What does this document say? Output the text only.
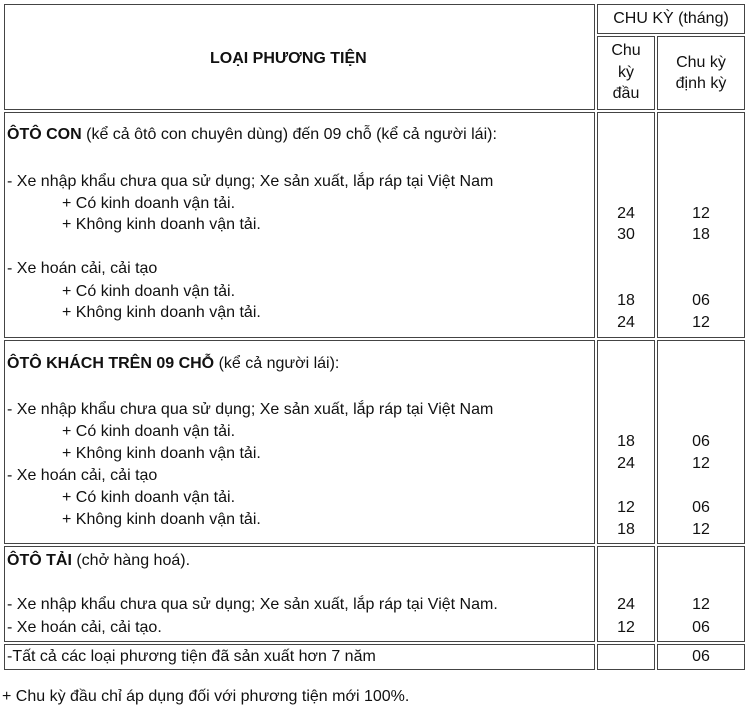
LOẠI PHƯƠNG TIỆN
CHU KỲ (tháng)
Chu
kỳ
đầu
Chu kỳ
định kỳ
ÔTÔ CON (kể cả ôtô con chuyên dùng) đến 09 chỗ (kể cả người lái):
- Xe nhập khẩu chưa qua sử dụng; Xe sản xuất, lắp ráp tại Việt Nam
+ Có kinh doanh vận tải.
+ Không kinh doanh vận tải.
24
30
12
18
- Xe hoán cải, cải tạo
+ Có kinh doanh vận tải.
+ Không kinh doanh vận tải.
18
24
06
12
ÔTÔ KHÁCH TRÊN 09 CHỖ (kể cả người lái):
- Xe nhập khẩu chưa qua sử dụng; Xe sản xuất, lắp ráp tại Việt Nam
+ Có kinh doanh vận tải.
+ Không kinh doanh vận tải.
18
24
06
12
- Xe hoán cải, cải tạo
+ Có kinh doanh vận tải.
+ Không kinh doanh vận tải.
12
18
06
12
ÔTÔ TẢI (chở hàng hoá).
- Xe nhập khẩu chưa qua sử dụng; Xe sản xuất, lắp ráp tại Việt Nam.
- Xe hoán cải, cải tạo.
24
12
12
06
-Tất cả các loại phương tiện đã sản xuất hơn 7 năm	06
+ Chu kỳ đầu chỉ áp dụng đối với phương tiện mới 100%.
